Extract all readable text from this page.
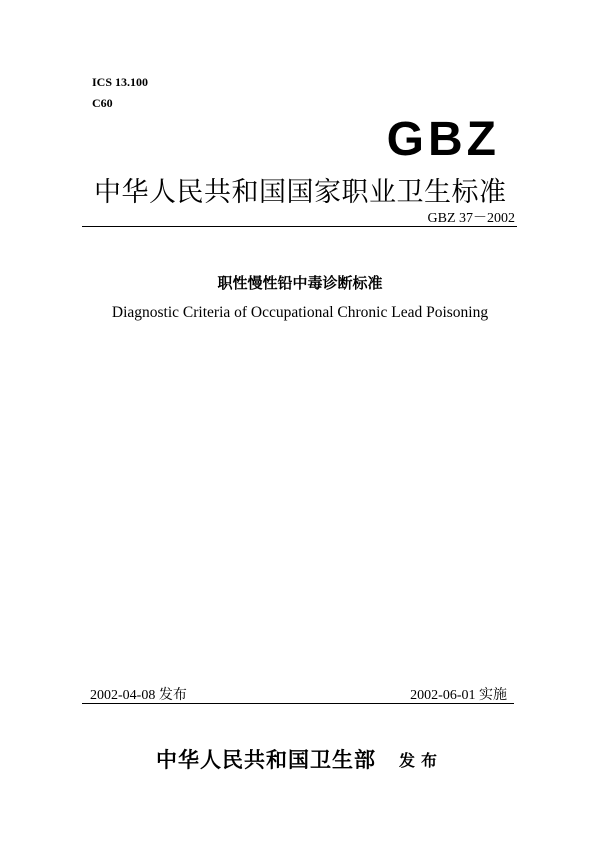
ICS 13.100
C60
GBZ
中华人民共和国国家职业卫生标准
GBZ 37－2002
职性慢性铅中毒诊断标准
Diagnostic Criteria of Occupational Chronic Lead Poisoning
2002-04-08 发布	2002-06-01 实施
中华人民共和国卫生部 发布
